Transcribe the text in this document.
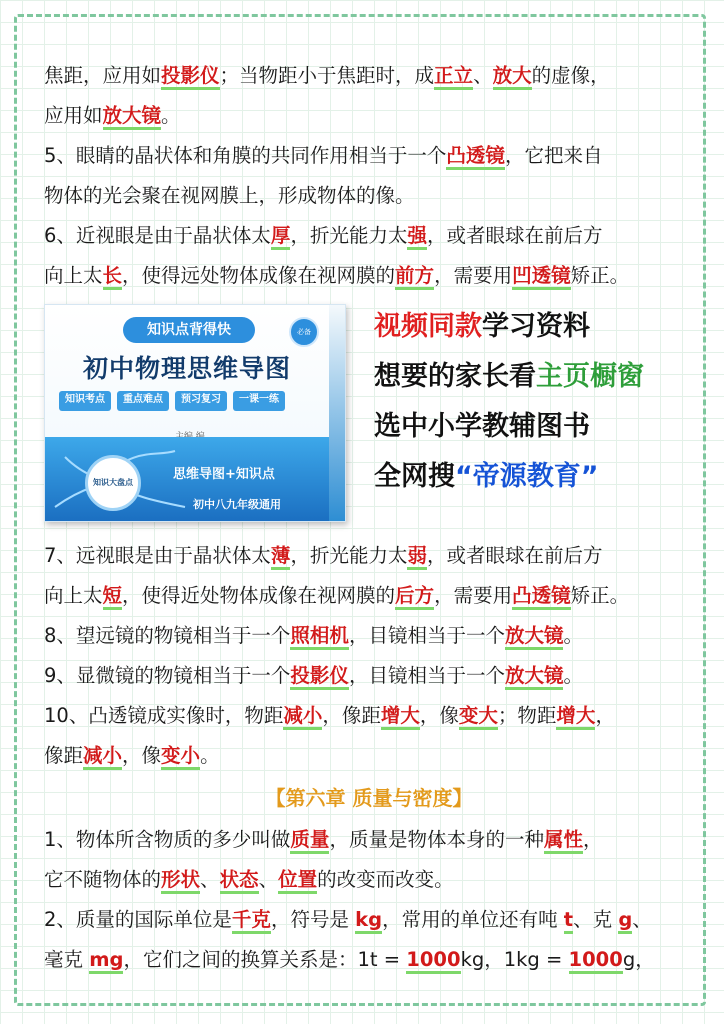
焦距，应用如投影仪；当物距小于焦距时，成正立、放大的虚像，

应用如放大镜。

5、眼睛的晶状体和角膜的共同作用相当于一个凸透镜，它把来自

物体的光会聚在视网膜上，形成物体的像。

6、近视眼是由于晶状体太厚，折光能力太强，或者眼球在前后方

向上太长，使得远处物体成像在视网膜的前方，需要用凹透镜矫正。

知识点背得快	必备
初中物理思维导图
知识考点	重点难点	预习复习	一课一练
知识大盘点
思维导图+知识点
初中八九年级通用
视频同款学习资料
想要的家长看主页橱窗
选中小学教辅图书
全网搜“帝源教育”

7、远视眼是由于晶状体太薄，折光能力太弱，或者眼球在前后方

向上太短，使得近处物体成像在视网膜的后方，需要用凸透镜矫正。

8、望远镜的物镜相当于一个照相机，目镜相当于一个放大镜。

9、显微镜的物镜相当于一个投影仪，目镜相当于一个放大镜。

10、凸透镜成实像时，物距减小，像距增大，像变大；物距增大，

像距减小，像变小。

【第六章 质量与密度】

1、物体所含物质的多少叫做质量，质量是物体本身的一种属性，

它不随物体的形状、状态、位置的改变而改变。

2、质量的国际单位是千克，符号是 kg，常用的单位还有吨 t、克 g、

毫克 mg，它们之间的换算关系是：1t = 1000kg，1kg = 1000g，
